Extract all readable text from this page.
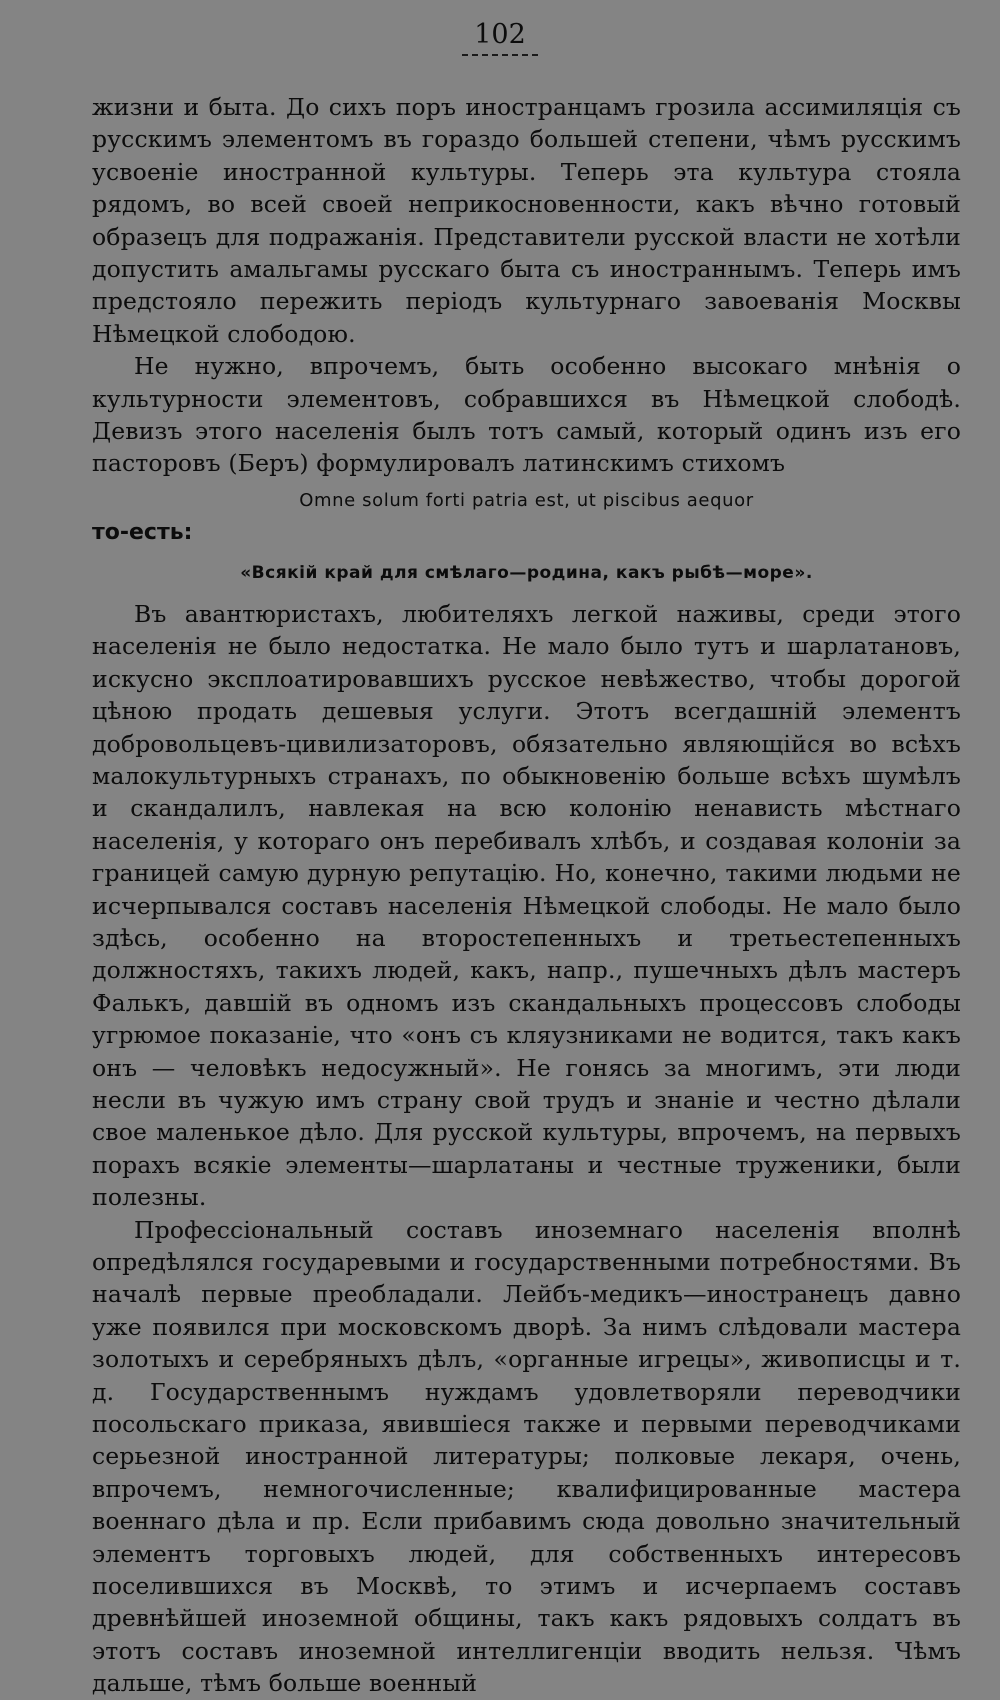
102

жизни и быта. До сихъ поръ иностранцамъ грозила ассимиляція съ русскимъ элементомъ въ гораздо большей степени, чѣмъ русскимъ усвоеніе иностранной культуры. Теперь эта культура стояла рядомъ, во всей своей неприкосновенности, какъ вѣчно готовый образецъ для подражанія. Представители русской власти не хотѣли допустить амальгамы русскаго быта съ иностраннымъ. Теперь имъ предстояло пережить періодъ культурнаго завоеванія Москвы Нѣмецкой слободою.

Не нужно, впрочемъ, быть особенно высокаго мнѣнія о культурности элементовъ, собравшихся въ Нѣмецкой слободѣ. Девизъ этого населенія былъ тотъ самый, который одинъ изъ его пасторовъ (Беръ) формулировалъ латинскимъ стихомъ

Omne solum forti patria est, ut piscibus aequor

то-есть:

«Всякій край для смѣлаго—родина, какъ рыбѣ—море».

Въ авантюристахъ, любителяхъ легкой наживы, среди этого населенія не было недостатка. Не мало было тутъ и шарлатановъ, искусно эксплоатировавшихъ русское невѣжество, чтобы дорогой цѣною продать дешевыя услуги. Этотъ всегдашній элементъ добровольцевъ-цивилизаторовъ, обязательно являющійся во всѣхъ малокультурныхъ странахъ, по обыкновенію больше всѣхъ шумѣлъ и скандалилъ, навлекая на всю колонію ненависть мѣстнаго населенія, у котораго онъ перебивалъ хлѣбъ, и создавая колоніи за границей самую дурную репутацію. Но, конечно, такими людьми не исчерпывался составъ населенія Нѣмецкой слободы. Не мало было здѣсь, особенно на второстепенныхъ и третьестепенныхъ должностяхъ, такихъ людей, какъ, напр., пушечныхъ дѣлъ мастеръ Фалькъ, давшій въ одномъ изъ скандальныхъ процессовъ слободы угрюмое показаніе, что «онъ съ кляузниками не водится, такъ какъ онъ — человѣкъ недосужный». Не гонясь за многимъ, эти люди несли въ чужую имъ страну свой трудъ и знаніе и честно дѣлали свое маленькое дѣло. Для русской культуры, впрочемъ, на первыхъ порахъ всякіе элементы—шарлатаны и честные труженики, были полезны.

Профессіональный составъ иноземнаго населенія вполнѣ опредѣлялся государевыми и государственными потребностями. Въ началѣ первые преобладали. Лейбъ-медикъ—иностранецъ давно уже появился при московскомъ дворѣ. За нимъ слѣдовали мастера золотыхъ и серебряныхъ дѣлъ, «органные игрецы», живописцы и т. д. Государственнымъ нуждамъ удовлетворяли переводчики посольскаго приказа, явившіеся также и первыми переводчиками серьезной иностранной литературы; полковые лекаря, очень, впрочемъ, немногочисленные; квалифицированные мастера военнаго дѣла и пр. Если прибавимъ сюда довольно значительный элементъ торговыхъ людей, для собственныхъ интересовъ поселившихся въ Москвѣ, то этимъ и исчерпаемъ составъ древнѣйшей иноземной общины, такъ какъ рядовыхъ солдатъ въ этотъ составъ иноземной интеллигенціи вводить нельзя. Чѣмъ дальше, тѣмъ больше военный
